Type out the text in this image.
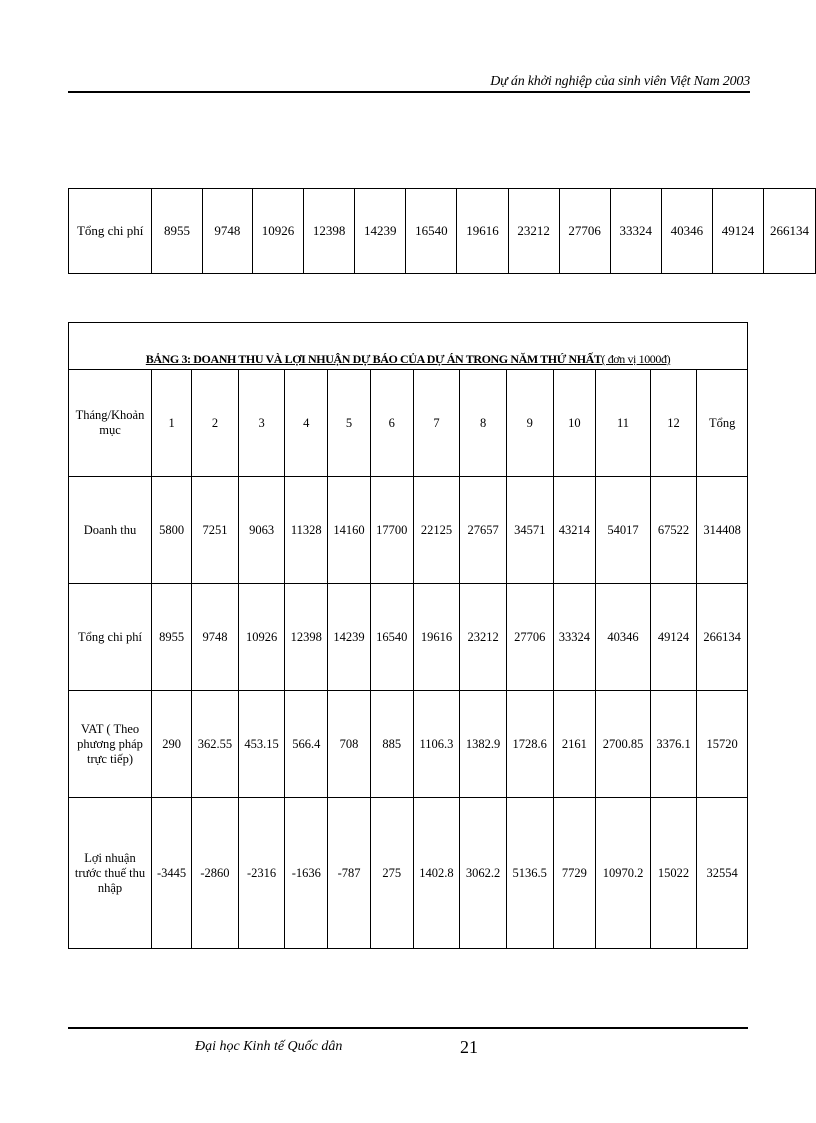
Dự án khởi nghiệp của sinh viên Việt Nam 2003
Tổng chi phí	8955	9748	10926	12398	14239	16540	19616	23212	27706	33324	40346	49124	266134
BẢNG 3: DOANH THU VÀ LỢI NHUẬN DỰ BÁO CỦA DỰ ÁN TRONG NĂM THỨ NHẤT( đơn vị 1000đ)													
Tháng/Khoản mục	1	2	3	4	5	6	7	8	9	10	11	12	Tổng
Doanh thu	5800	7251	9063	11328	14160	17700	22125	27657	34571	43214	54017	67522	314408
Tổng chi phí	8955	9748	10926	12398	14239	16540	19616	23212	27706	33324	40346	49124	266134
VAT ( Theo phương pháp trực tiếp)	290	362.55	453.15	566.4	708	885	1106.3	1382.9	1728.6	2161	2700.85	3376.1	15720
Lợi nhuận trước thuế thu nhập	-3445	-2860	-2316	-1636	-787	275	1402.8	3062.2	5136.5	7729	10970.2	15022	32554
Đại học Kinh tế Quốc dân	21
